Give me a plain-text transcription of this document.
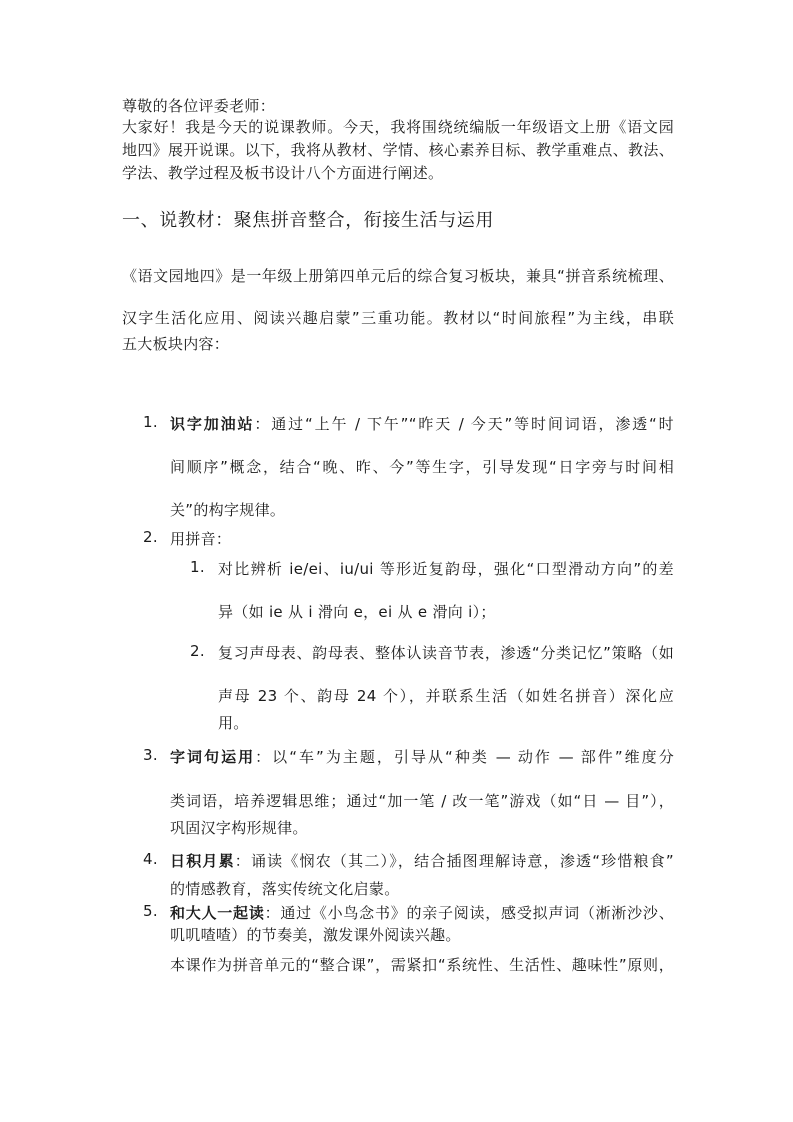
尊敬的各位评委老师：
大家好！我是今天的说课教师。今天，我将围绕统编版一年级语文上册《语文园
地四》展开说课。以下，我将从教材、学情、核心素养目标、教学重难点、教法、
学法、教学过程及板书设计八个方面进行阐述。
一、说教材：聚焦拼音整合，衔接生活与运用
《语文园地四》是一年级上册第四单元后的综合复习板块，兼具“拼音系统梳理、
汉字生活化应用、阅读兴趣启蒙”三重功能。教材以“时间旅程”为主线，串联
五大板块内容：
1. 识字加油站：通过“上午 / 下午”“昨天 / 今天”等时间词语，渗透“时
间顺序”概念，结合“晚、昨、今”等生字，引导发现“日字旁与时间相
关”的构字规律。
2. 用拼音：
1. 对比辨析 ie/ei、iu/ui 等形近复韵母，强化“口型滑动方向”的差
异（如 ie 从 i 滑向 e，ei 从 e 滑向 i）；
2. 复习声母表、韵母表、整体认读音节表，渗透“分类记忆”策略（如
声母 23 个、韵母 24 个），并联系生活（如姓名拼音）深化应
用。
3. 字词句运用：以“车”为主题，引导从“种类 — 动作 — 部件”维度分
类词语，培养逻辑思维；通过“加一笔 / 改一笔”游戏（如“日 — 目”），
巩固汉字构形规律。
4. 日积月累：诵读《悯农（其二）》，结合插图理解诗意，渗透“珍惜粮食”
的情感教育，落实传统文化启蒙。
5. 和大人一起读：通过《小鸟念书》的亲子阅读，感受拟声词（淅淅沙沙、
叽叽喳喳）的节奏美，激发课外阅读兴趣。
本课作为拼音单元的“整合课”，需紧扣“系统性、生活性、趣味性”原则，
